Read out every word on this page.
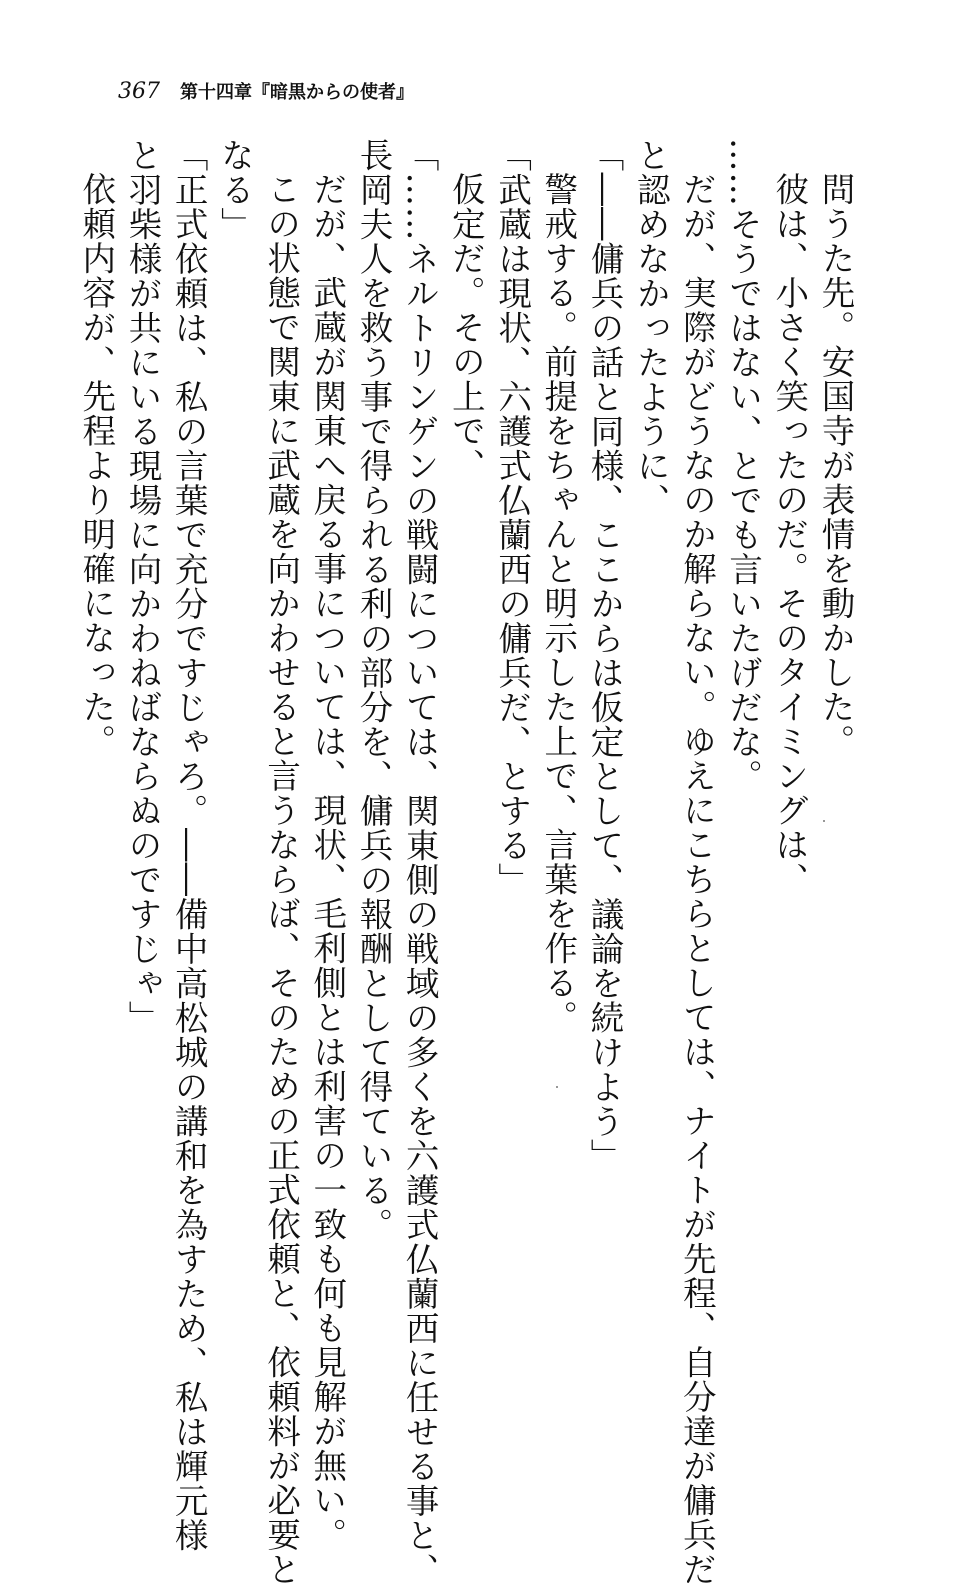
367 第十四章『暗黒からの使者』
問うた先。安国寺が表情を動かした。
彼は、小さく笑ったのだ。そのタイミングは、
……そうではない、とでも言いたげだな。
だが、実際がどうなのか解らない。ゆえにこちらとしては、ナイトが先程、自分達が傭兵だ
と認めなかったように、
「――傭兵の話と同様、ここからは仮定として、議論を続けよう」
警戒する。前提をちゃんと明示した上で、言葉を作る。
「武蔵は現状、六護式仏蘭西の傭兵だ、とする」
仮定だ。その上で、
「……ネルトリンゲンの戦闘については、関東側の戦域の多くを六護式仏蘭西に任せる事と、
長岡夫人を救う事で得られる利の部分を、傭兵の報酬として得ている。
だが、武蔵が関東へ戻る事については、現状、毛利側とは利害の一致も何も見解が無い。
この状態で関東に武蔵を向かわせると言うならば、そのための正式依頼と、依頼料が必要と
なる」
「正式依頼は、私の言葉で充分ですじゃろ。――備中高松城の講和を為すため、私は輝元様
と羽柴様が共にいる現場に向かわねばならぬのですじゃ」
依頼内容が、先程より明確になった。
